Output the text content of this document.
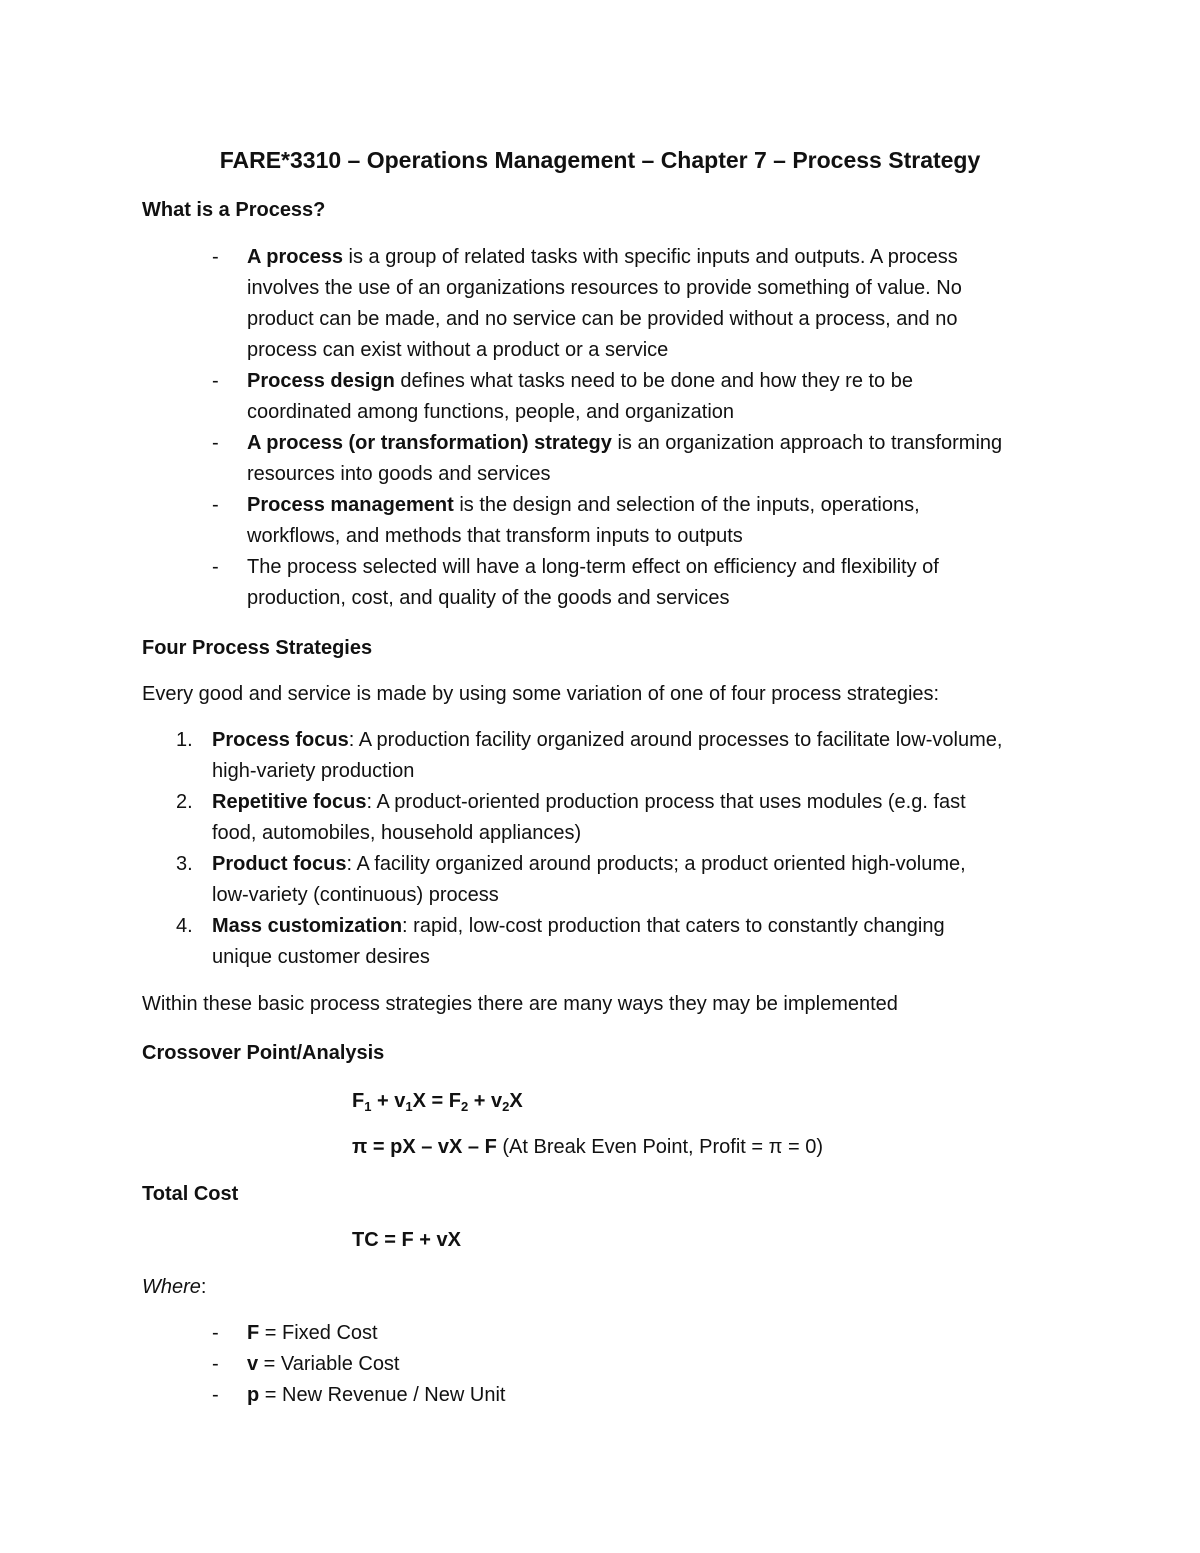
FARE*3310 – Operations Management – Chapter 7 – Process Strategy
What is a Process?
-	A process is a group of related tasks with specific inputs and outputs. A process
involves the use of an organizations resources to provide something of value. No
product can be made, and no service can be provided without a process, and no
process can exist without a product or a service
-	Process design defines what tasks need to be done and how they re to be
coordinated among functions, people, and organization
-	A process (or transformation) strategy is an organization approach to transforming
resources into goods and services
-	Process management is the design and selection of the inputs, operations,
workflows, and methods that transform inputs to outputs
-	The process selected will have a long-term effect on efficiency and flexibility of
production, cost, and quality of the goods and services
Four Process Strategies

Every good and service is made by using some variation of one of four process strategies:

1. Process focus: A production facility organized around processes to facilitate low-volume,
high-variety production
2. Repetitive focus: A product-oriented production process that uses modules (e.g. fast
food, automobiles, household appliances)
3. Product focus: A facility organized around products; a product oriented high-volume,
low-variety (continuous) process
4. Mass customization: rapid, low-cost production that caters to constantly changing
unique customer desires

Within these basic process strategies there are many ways they may be implemented

Crossover Point/Analysis
$F_1 + v_1X = F_2 + v_2X$
π = pX – vX – F (At Break Even Point, Profit = π = 0)
Total Cost
TC = F + vX

Where:

-	F = Fixed Cost
-	v = Variable Cost
-	p = New Revenue / New Unit
